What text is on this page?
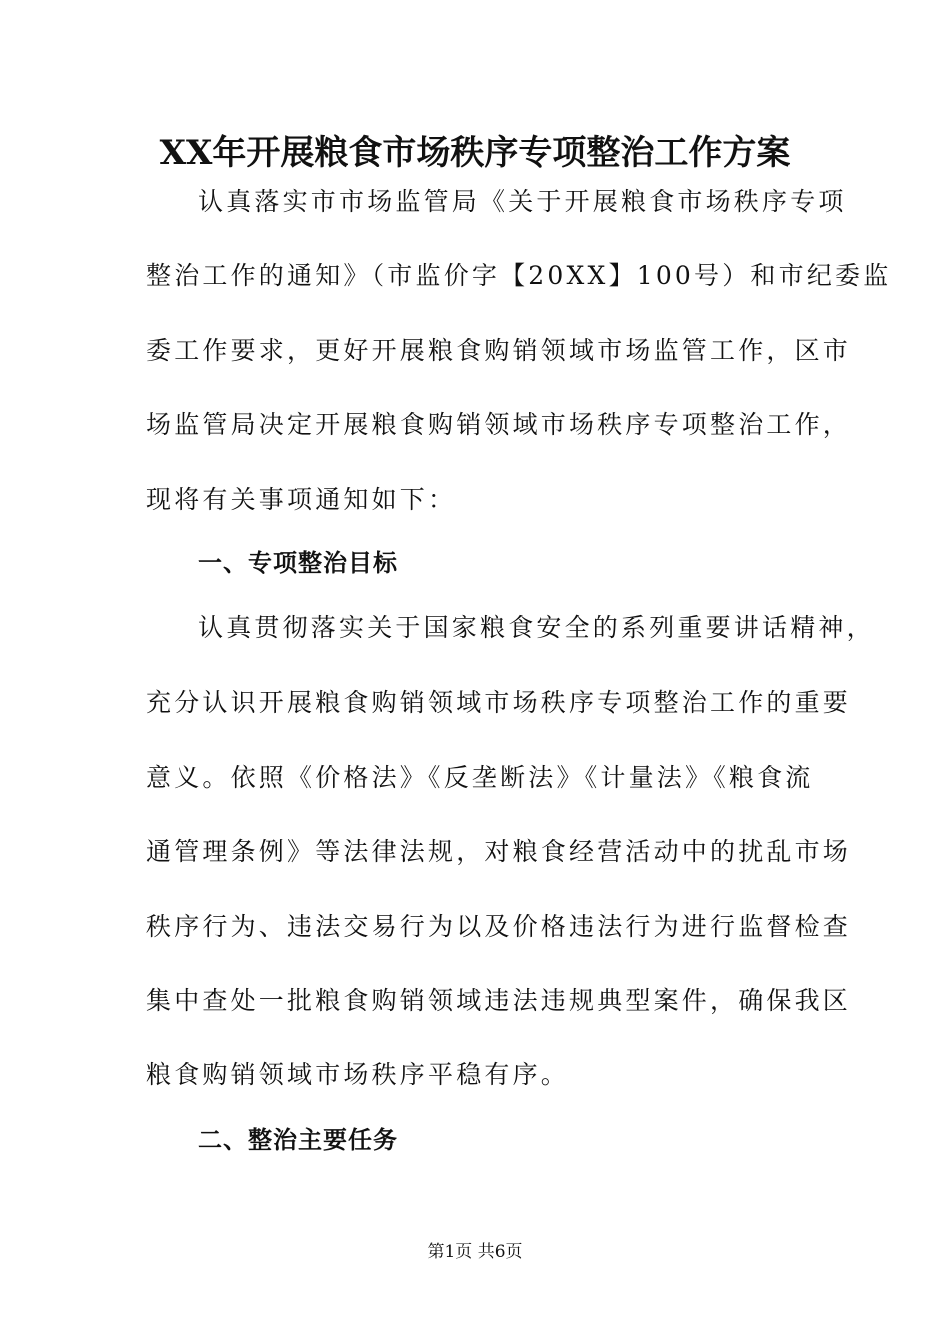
XX年开展粮食市场秩序专项整治工作方案
认真落实市市场监管局《关于开展粮食市场秩序专项
整治工作的通知》（市监价字【20XX】100号）和市纪委监
委工作要求，更好开展粮食购销领域市场监管工作，区市
场监管局决定开展粮食购销领域市场秩序专项整治工作，
现将有关事项通知如下：
一、专项整治目标
认真贯彻落实关于国家粮食安全的系列重要讲话精神，
充分认识开展粮食购销领域市场秩序专项整治工作的重要
意义。依照《价格法》《反垄断法》《计量法》《粮食流
通管理条例》等法律法规，对粮食经营活动中的扰乱市场
秩序行为、违法交易行为以及价格违法行为进行监督检查
集中查处一批粮食购销领域违法违规典型案件，确保我区
粮食购销领域市场秩序平稳有序。
二、整治主要任务
第1页 共6页
